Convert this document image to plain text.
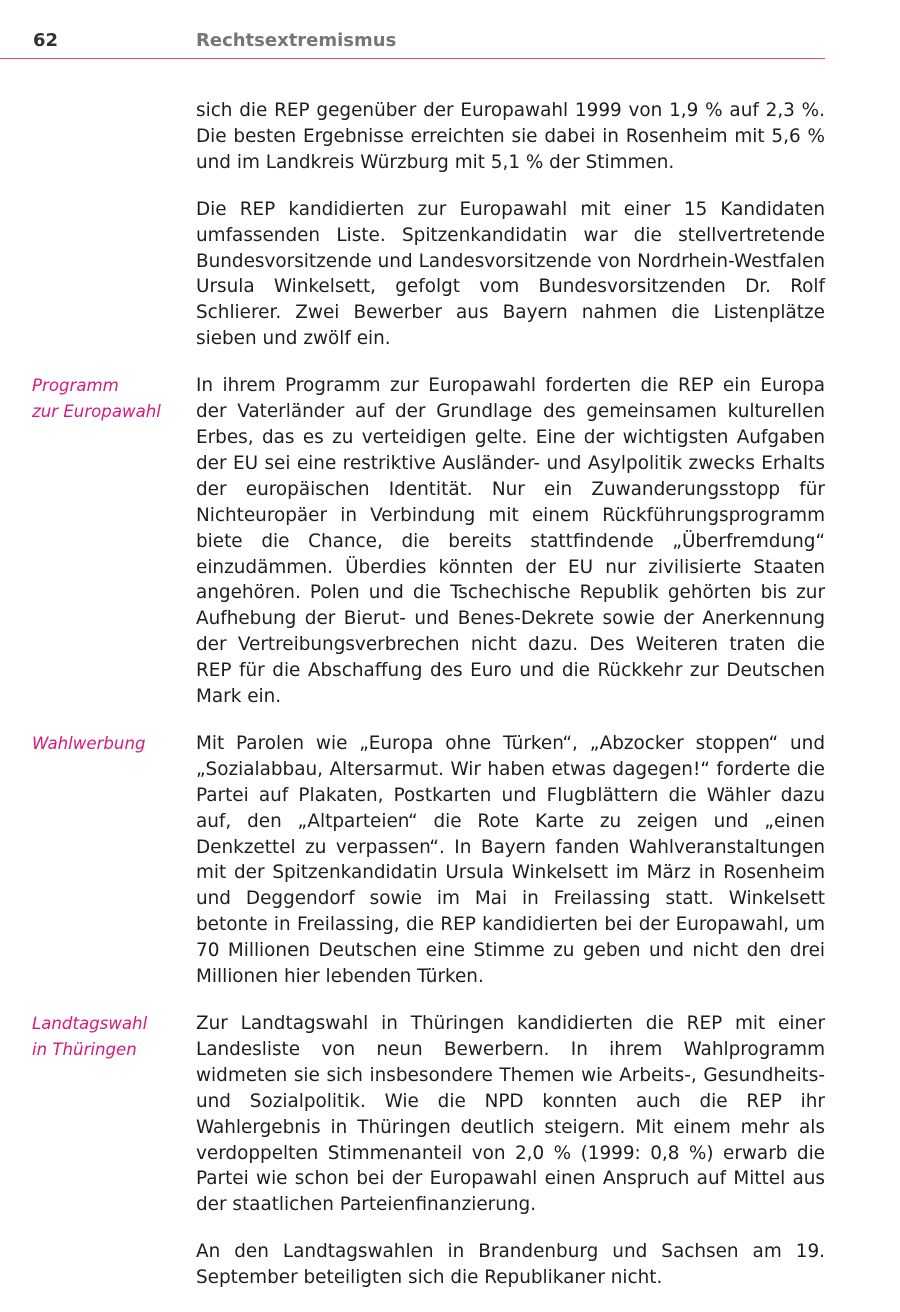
62	Rechtsextremismus
sich die REP gegenüber der Europawahl 1999 von 1,9 % auf 2,3 %. Die besten Ergebnisse erreichten sie dabei in Rosenheim mit 5,6 % und im Landkreis Würzburg mit 5,1 % der Stimmen.
Die REP kandidierten zur Europawahl mit einer 15 Kandidaten umfassenden Liste. Spitzenkandidatin war die stellvertretende Bundesvorsitzende und Landesvorsitzende von Nordrhein-Westfalen Ursula Winkelsett, gefolgt vom Bundesvorsitzenden Dr. Rolf Schlierer. Zwei Bewerber aus Bayern nahmen die Listenplätze sieben und zwölf ein.
Programm
zur Europawahl
In ihrem Programm zur Europawahl forderten die REP ein Europa der Vaterländer auf der Grundlage des gemeinsamen kulturellen Erbes, das es zu verteidigen gelte. Eine der wichtigsten Aufgaben der EU sei eine restriktive Ausländer- und Asylpolitik zwecks Erhalts der europäischen Identität. Nur ein Zuwanderungsstopp für Nichteuropäer in Verbindung mit einem Rückführungsprogramm biete die Chance, die bereits stattfindende „Überfremdung“ einzudämmen. Überdies könnten der EU nur zivilisierte Staaten angehören. Polen und die Tschechische Republik gehörten bis zur Aufhebung der Bierut- und Benes-Dekrete sowie der Anerkennung der Vertreibungsverbrechen nicht dazu. Des Weiteren traten die REP für die Abschaffung des Euro und die Rückkehr zur Deutschen Mark ein.
Wahlwerbung	Mit Parolen wie „Europa ohne Türken“, „Abzocker stoppen“ und „Sozialabbau, Altersarmut. Wir haben etwas dagegen!“ forderte die Partei auf Plakaten, Postkarten und Flugblättern die Wähler dazu auf, den „Altparteien“ die Rote Karte zu zeigen und „einen Denkzettel zu verpassen“. In Bayern fanden Wahlveranstaltungen mit der Spitzenkandidatin Ursula Winkelsett im März in Rosenheim und Deggendorf sowie im Mai in Freilassing statt. Winkelsett betonte in Freilassing, die REP kandidierten bei der Europawahl, um 70 Millionen Deutschen eine Stimme zu geben und nicht den drei Millionen hier lebenden Türken.
Landtagswahl
in Thüringen
Zur Landtagswahl in Thüringen kandidierten die REP mit einer Landesliste von neun Bewerbern. In ihrem Wahlprogramm widmeten sie sich insbesondere Themen wie Arbeits-, Gesundheits- und Sozialpolitik. Wie die NPD konnten auch die REP ihr Wahlergebnis in Thüringen deutlich steigern. Mit einem mehr als verdoppelten Stimmenanteil von 2,0 % (1999: 0,8 %) erwarb die Partei wie schon bei der Europawahl einen Anspruch auf Mittel aus der staatlichen Parteienfinanzierung.
An den Landtagswahlen in Brandenburg und Sachsen am 19. September beteiligten sich die Republikaner nicht.
